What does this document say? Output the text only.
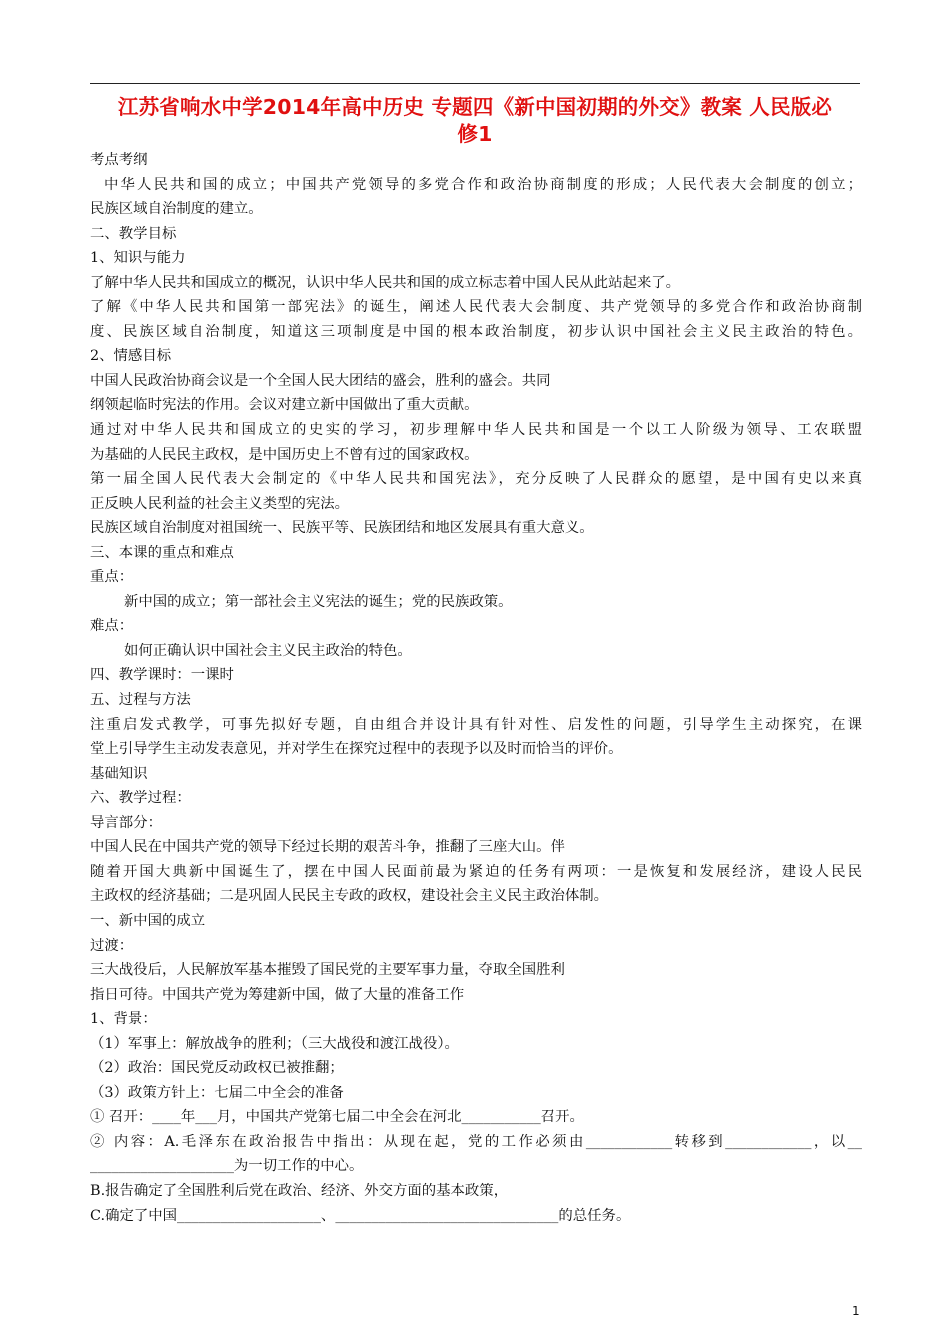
江苏省响水中学2014年高中历史 专题四《新中国初期的外交》教案 人民版必
修1
考点考纲
中华人民共和国的成立；中国共产党领导的多党合作和政治协商制度的形成；人民代表大会制度的创立；
民族区域自治制度的建立。
二、教学目标
1、知识与能力
了解中华人民共和国成立的概况，认识中华人民共和国的成立标志着中国人民从此站起来了。
了解《中华人民共和国第一部宪法》的诞生，阐述人民代表大会制度、共产党领导的多党合作和政治协商制
度、民族区域自治制度，知道这三项制度是中国的根本政治制度，初步认识中国社会主义民主政治的特色。
2、情感目标
中国人民政治协商会议是一个全国人民大团结的盛会，胜利的盛会。共同
纲领起临时宪法的作用。会议对建立新中国做出了重大贡献。
通过对中华人民共和国成立的史实的学习，初步理解中华人民共和国是一个以工人阶级为领导、工农联盟
为基础的人民民主政权，是中国历史上不曾有过的国家政权。
第一届全国人民代表大会制定的《中华人民共和国宪法》，充分反映了人民群众的愿望，是中国有史以来真
正反映人民利益的社会主义类型的宪法。
民族区域自治制度对祖国统一、民族平等、民族团结和地区发展具有重大意义。
三、本课的重点和难点
重点：
新中国的成立；第一部社会主义宪法的诞生；党的民族政策。
难点：
如何正确认识中国社会主义民主政治的特色。
四、教学课时：一课时
五、过程与方法
注重启发式教学，可事先拟好专题，自由组合并设计具有针对性、启发性的问题，引导学生主动探究，在课
堂上引导学生主动发表意见，并对学生在探究过程中的表现予以及时而恰当的评价。
基础知识
六、教学过程：
导言部分：
中国人民在中国共产党的领导下经过长期的艰苦斗争，推翻了三座大山。伴
随着开国大典新中国诞生了，摆在中国人民面前最为紧迫的任务有两项：一是恢复和发展经济，建设人民民
主政权的经济基础；二是巩固人民民主专政的政权，建设社会主义民主政治体制。
一、新中国的成立
过渡：
三大战役后，人民解放军基本摧毁了国民党的主要军事力量，夺取全国胜利
指日可待。中国共产党为筹建新中国，做了大量的准备工作
1、背景：
（1）军事上：解放战争的胜利；（三大战役和渡江战役）。
（2）政治：国民党反动政权已被推翻；
（3）政策方针上：七届二中全会的准备
① 召开：____年___月，中国共产党第七届二中全会在河北___________召开。
② 内容：A.毛泽东在政治报告中指出：从现在起，党的工作必须由____________转移到____________，以__
____________________为一切工作的中心。
B.报告确定了全国胜利后党在政治、经济、外交方面的基本政策，
C.确定了中国____________________、_______________________________的总任务。
1
